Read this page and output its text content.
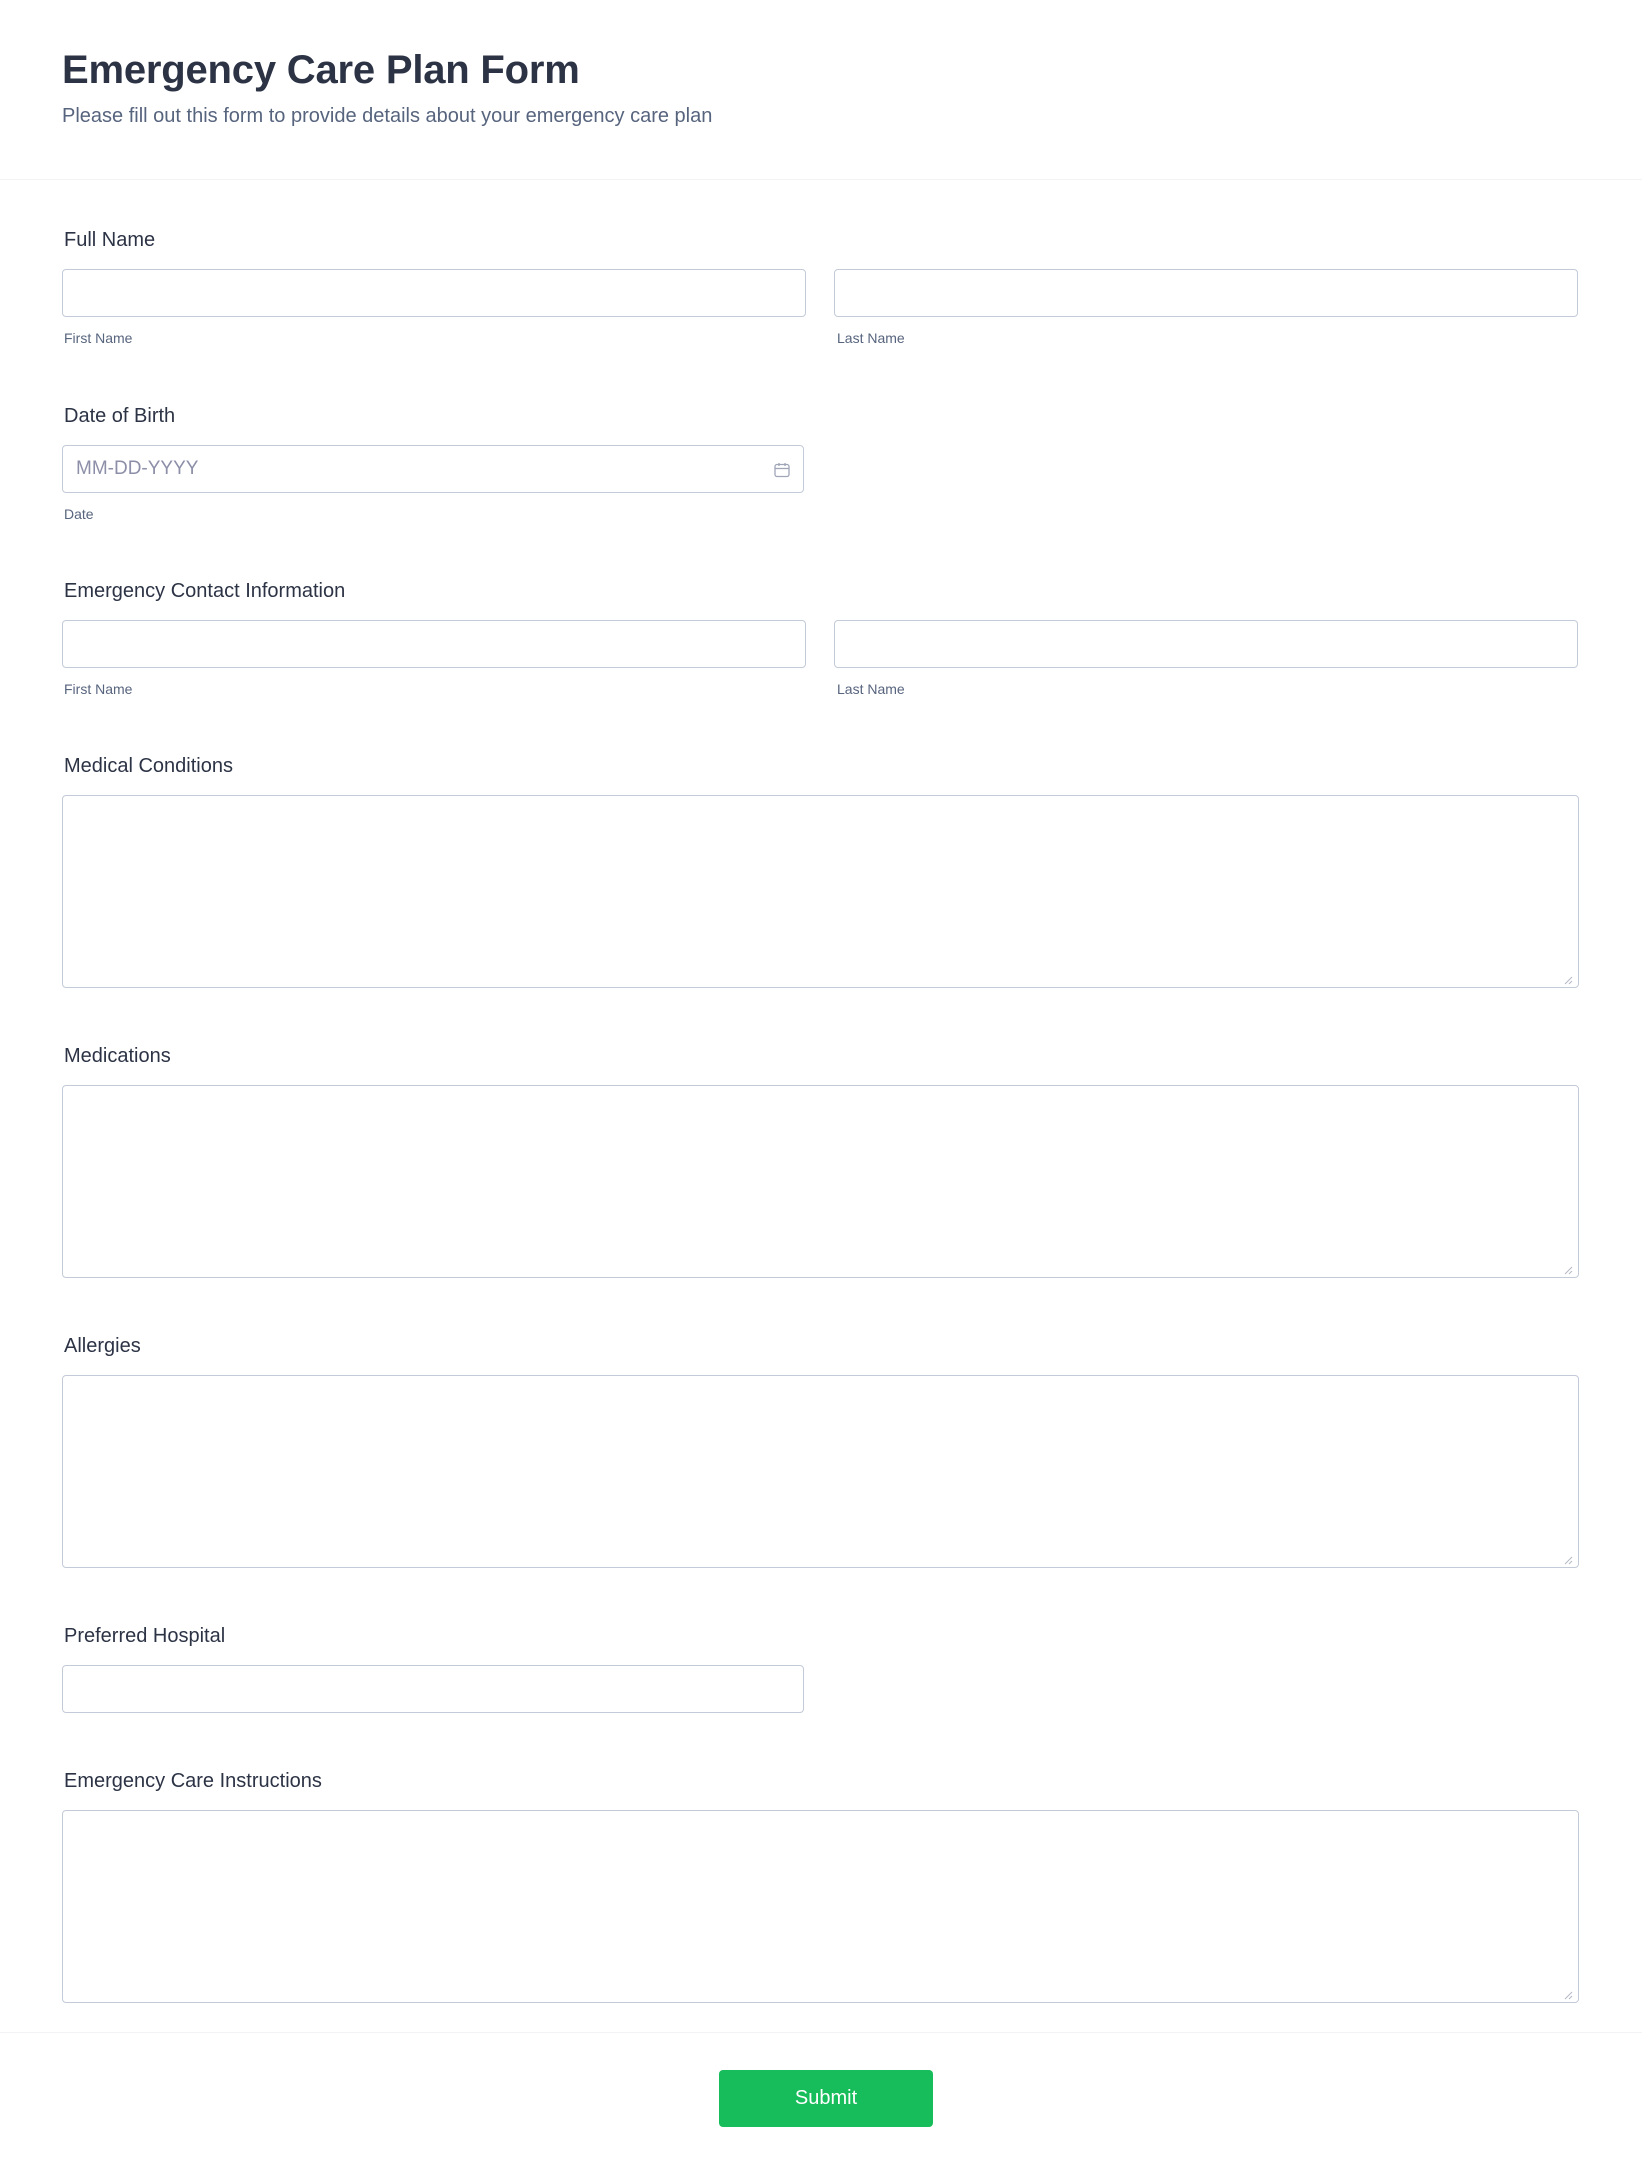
Emergency Care Plan Form

Please fill out this form to provide details about your emergency care plan

Full Name
First Name	Last Name
Date of Birth
MM-DD-YYYY
Date
Emergency Contact Information
First Name	Last Name
Medical Conditions
Medications
Allergies
Preferred Hospital
Emergency Care Instructions
Submit
